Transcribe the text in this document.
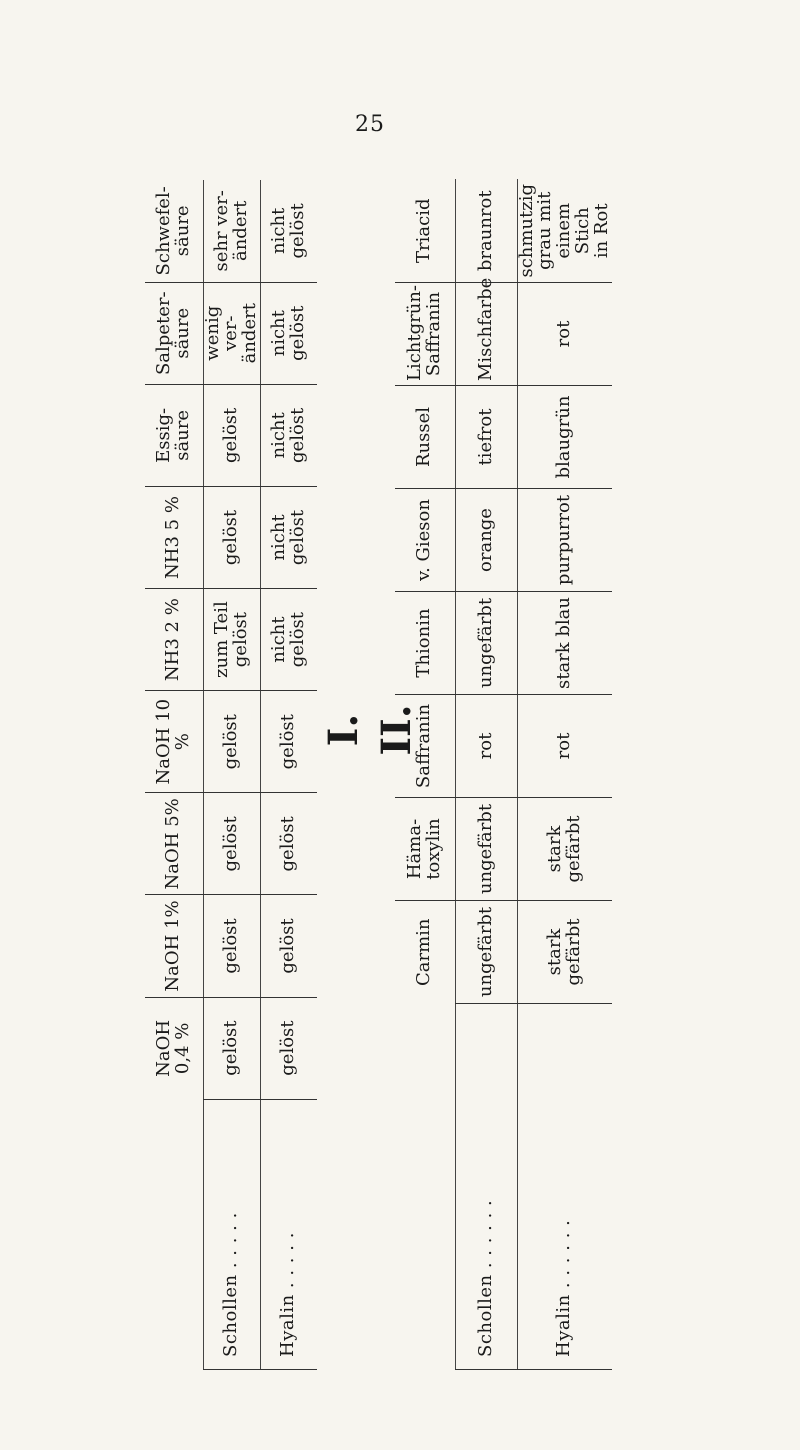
25
	NaOH
0,4 %	NaOH 1%	NaOH 5%	NaOH 10 %	NH3 2 %	NH3 5 %	Essig-
säure	Salpeter-
säure	Schwefel-
säure
Schollen . . . . .	gelöst	gelöst	gelöst	gelöst	zum Teil
gelöst	gelöst	gelöst	wenig ver-
ändert	sehr ver-
ändert
Hyalin . . . . .	gelöst	gelöst	gelöst	gelöst	nicht
gelöst	nicht
gelöst	nicht
gelöst	nicht
gelöst	nicht
gelöst
I. II.
	Carmin	Häma-
toxylin	Saffranin	Thionin	v. Gieson	Russel	Lichtgrün-
Saffranin	Triacid
Schollen . . . . . .	ungefärbt	ungefärbt	rot	ungefärbt	orange	tiefrot	Mischfarbe	braunrot
Hyalin . . . . . .	stark
gefärbt	stark
gefärbt	rot	stark blau	purpurrot	blaugrün	rot	schmutzig
grau mit
einem Stich
in Rot
